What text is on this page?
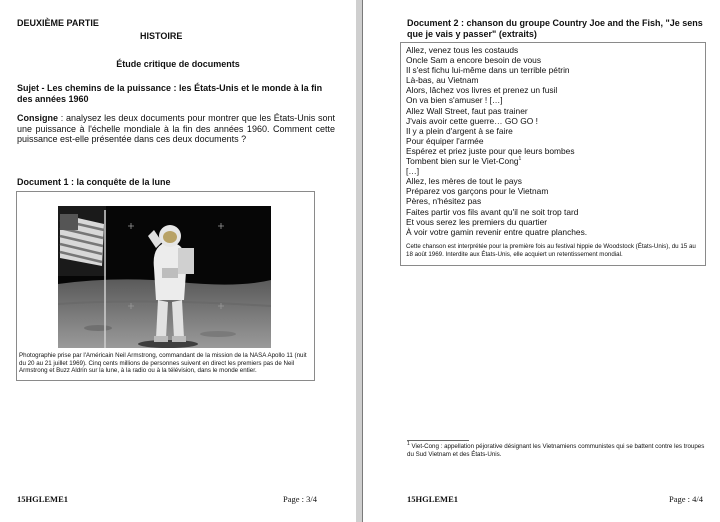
DEUXIÈME PARTIE
HISTOIRE
Étude critique de documents
Sujet - Les chemins de la puissance : les États-Unis et le monde à la fin des années 1960
Consigne : analysez les deux documents pour montrer que les États-Unis sont une puissance à l'échelle mondiale à la fin des années 1960. Comment cette puissance est-elle présentée dans ces deux documents ?
Document 1 : la conquête de la lune
Photographie prise par l'Américain Neil Armstrong, commandant de la mission de la NASA Apollo 11 (nuit du 20 au 21 juillet 1969). Cinq cents millions de personnes suivent en direct les premiers pas de Neil Armstrong et Buzz Aldrin sur la lune, à la radio ou à la télévision, dans le monde entier.
15HGLEME1	Page : 3/4
Document 2 : chanson du groupe Country Joe and the Fish, "Je sens que je vais y passer" (extraits)
Allez, venez tous les costauds
Oncle Sam a encore besoin de vous
Il s'est fichu lui-même dans un terrible pétrin
Là-bas, au Vietnam
Alors, lâchez vos livres et prenez un fusil
On va bien s'amuser ! […]
Allez Wall Street, faut pas trainer
J'vais avoir cette guerre… GO GO !
Il y a plein d'argent à se faire
Pour équiper l'armée
Espérez et priez juste pour que leurs bombes
Tombent bien sur le Viet-Cong$^1$
[…]
Allez, les mères de tout le pays
Préparez vos garçons pour le Vietnam
Pères, n'hésitez pas
Faites partir vos fils avant qu'il ne soit trop tard
Et vous serez les premiers du quartier
À voir votre gamin revenir entre quatre planches.
Cette chanson est interprétée pour la première fois au festival hippie de Woodstock (États-Unis), du 15 au 18 août 1969. Interdite aux États-Unis, elle acquiert un retentissement mondial.
$^1$ Viet-Cong : appellation péjorative désignant les Vietnamiens communistes qui se battent contre les troupes du Sud Vietnam et des États-Unis.
15HGLEME1	Page : 4/4
